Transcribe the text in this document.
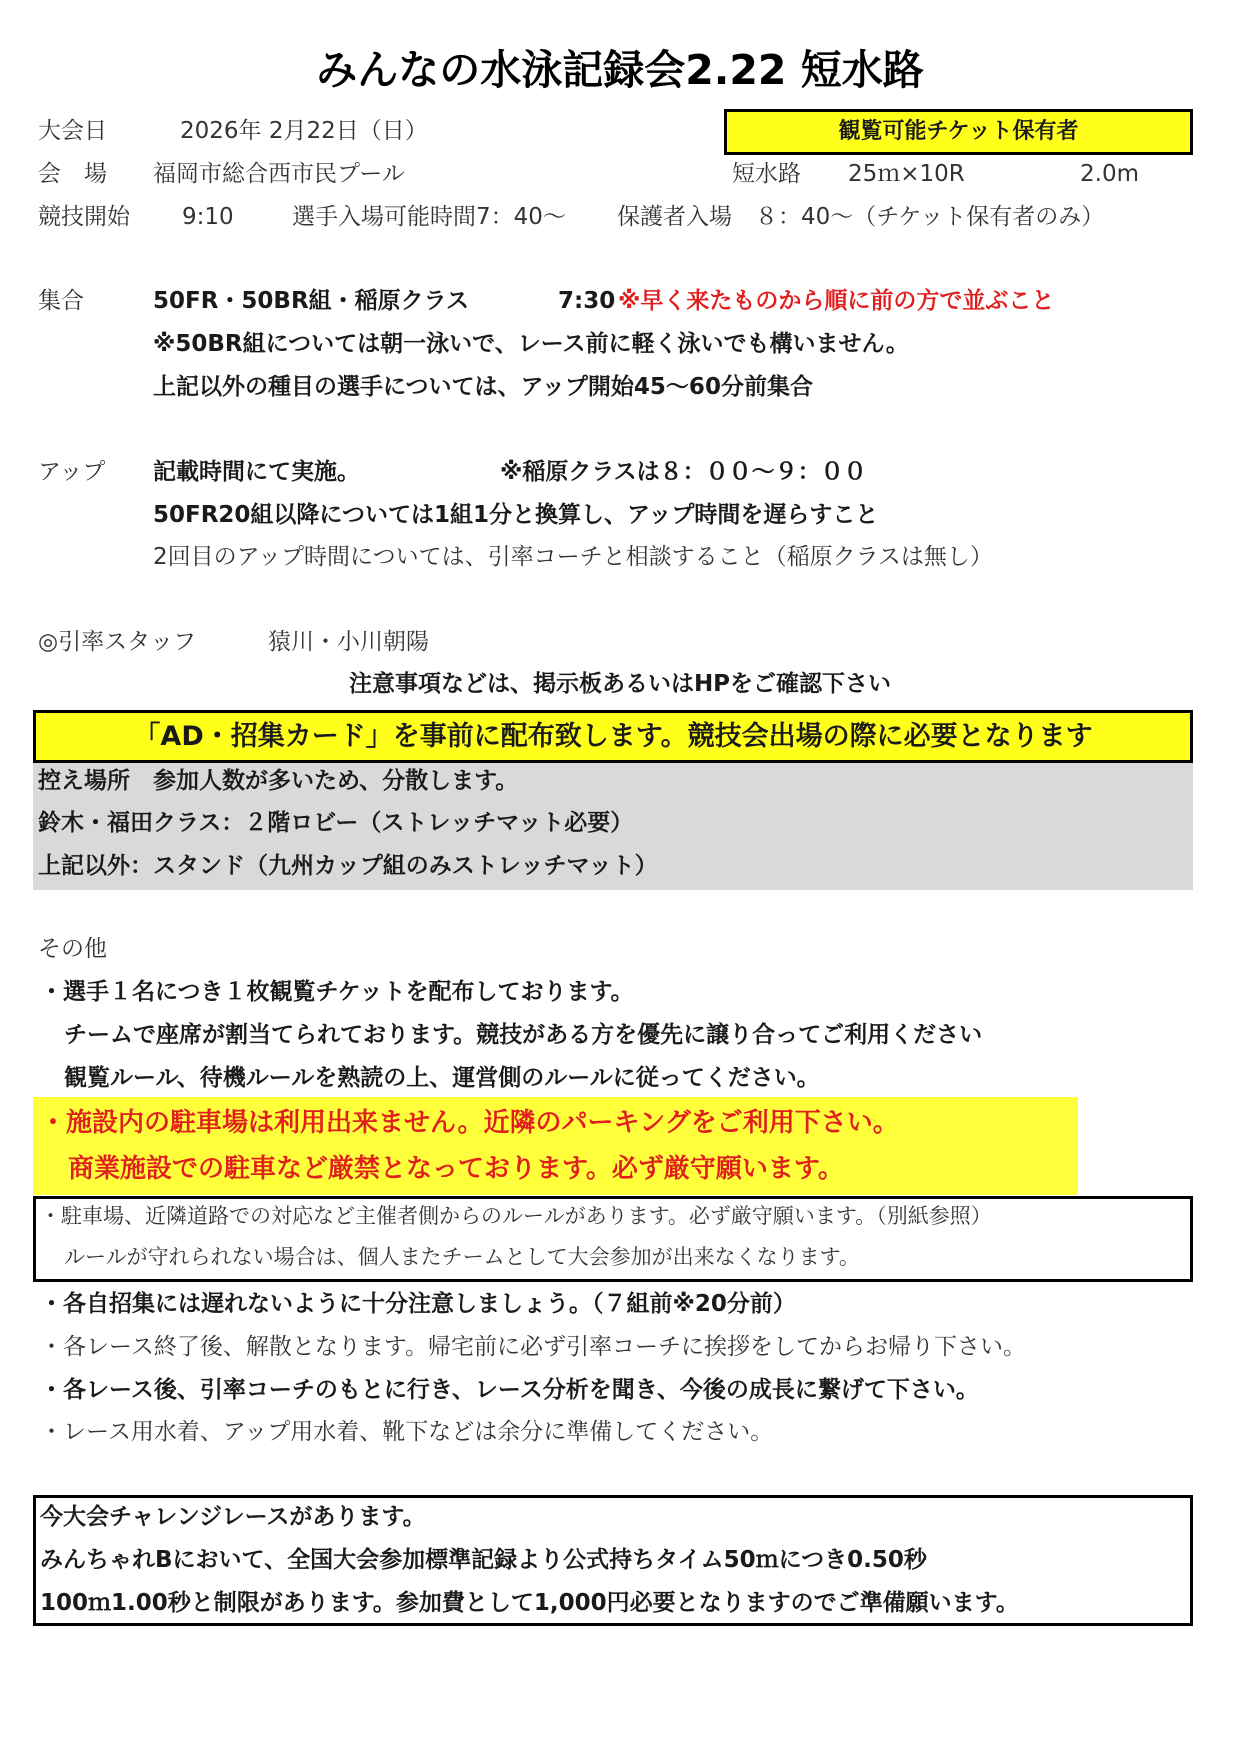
みんなの水泳記録会2.22 短水路
大会日	2026年 2月22日（日）	観覧可能チケット保有者
会　場 福岡市総合西市民プール	短水路 25ｍ×10R	2.0m
競技開始 9:10	選手入場可能時間7：40～ 保護者入場　８：40～（チケット保有者のみ）
集合	50FR・50BR組・稲原クラス	7:30 ※早く来たものから順に前の方で並ぶこと
※50BR組については朝一泳いで、レース前に軽く泳いでも構いません。
上記以外の種目の選手については、アップ開始45～60分前集合
アップ 記載時間にて実施。	※稲原クラスは８：００～９：００
50FR20組以降については1組1分と換算し、アップ時間を遅らすこと
2回目のアップ時間については、引率コーチと相談すること（稲原クラスは無し）
◎引率スタッフ	猿川・小川朝陽
注意事項などは、掲示板あるいはHPをご確認下さい
「AD・招集カード」を事前に配布致します。競技会出場の際に必要となります
控え場所　参加人数が多いため、分散します。
鈴木・福田クラス：２階ロビー（ストレッチマット必要）
上記以外：スタンド（九州カップ組のみストレッチマット）
その他
・選手１名につき１枚観覧チケットを配布しております。
チームで座席が割当てられております。競技がある方を優先に譲り合ってご利用ください
観覧ルール、待機ルールを熟読の上、運営側のルールに従ってください。
・施設内の駐車場は利用出来ません。近隣のパーキングをご利用下さい。
商業施設での駐車など厳禁となっております。必ず厳守願います。
・駐車場、近隣道路での対応など主催者側からのルールがあります。必ず厳守願います。（別紙参照）
ルールが守れられない場合は、個人またチームとして大会参加が出来なくなります。
・各自招集には遅れないように十分注意しましょう。（７組前※20分前）
・各レース終了後、解散となります。帰宅前に必ず引率コーチに挨拶をしてからお帰り下さい。
・各レース後、引率コーチのもとに行き、レース分析を聞き、今後の成長に繋げて下さい。
・レース用水着、アップ用水着、靴下などは余分に準備してください。
今大会チャレンジレースがあります。
みんちゃれBにおいて、全国大会参加標準記録より公式持ちタイム50ｍにつき0.50秒
100ｍ1.00秒と制限があります。参加費として1,000円必要となりますのでご準備願います。
